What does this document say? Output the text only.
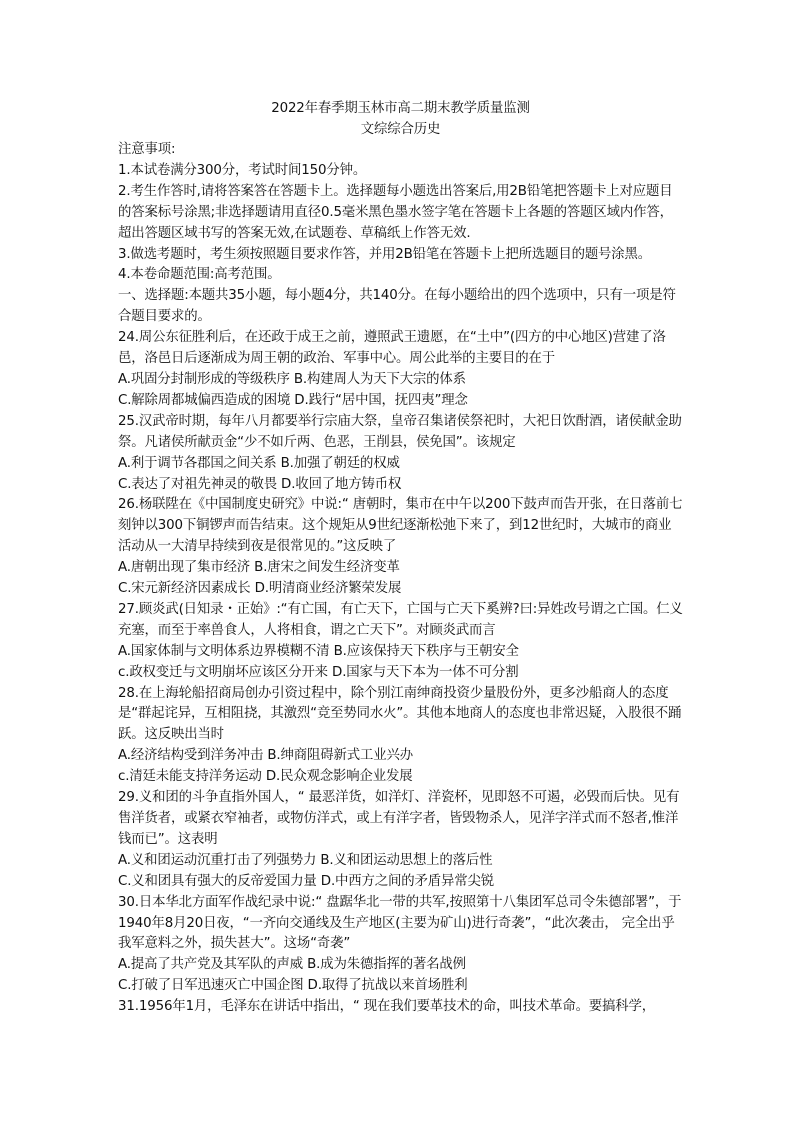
2022年春季期玉林市高二期末教学质量监测
文综综合历史

注意事项:

1.本试卷满分300分，考试时间150分钟。

2.考生作答时,请将答案答在答题卡上。选择题每小题选出答案后,用2B铅笔把答题卡上对应题目的答案标号涂黑;非选择题请用直径0.5毫米黑色墨水签字笔在答题卡上各题的答题区域内作答，超出答题区域书写的答案无效,在试题卷、草稿纸上作答无效.

3.做选考题时，考生须按照题目要求作答，并用2B铅笔在答题卡上把所选题目的题号涂黑。

4.本卷命题范围:高考范围。

一、选择题:本题共35小题，每小题4分，共140分。在每小题给出的四个选项中，只有一项是符合题目要求的。

24.周公东征胜利后，在还政于成王之前，遵照武王遗愿，在“土中”(四方的中心地区)营建了洛邑，洛邑日后逐渐成为周王朝的政治、军事中心。周公此举的主要目的在于

A.巩固分封制形成的等级秩序 B.构建周人为天下大宗的体系

C.解除周都城偏西造成的困境 D.践行“居中国，抚四夷”理念

25.汉武帝时期，每年八月都要举行宗庙大祭，皇帝召集诸侯祭祀时，大祀日饮酎酒，诸侯献金助祭。凡诸侯所献贡金“少不如斤两、色恶，王削县，侯免国”。该规定

A.利于调节各郡国之间关系 B.加强了朝廷的权威

C.表达了对祖先神灵的敬畏 D.收回了地方铸币权

26.杨联陞在《中国制度史研究》中说:“ 唐朝时，集市在中午以200下鼓声而告开张，在日落前七刻钟以300下铜锣声而告结束。这个规矩从9世纪逐渐松弛下来了，到12世纪时，大城市的商业活动从一大清早持续到夜是很常见的。”这反映了

A.唐朝出现了集市经济 B.唐宋之间发生经济变革

C.宋元新经济因素成长 D.明清商业经济繁荣发展

27.顾炎武(日知录・正始》:“有亡国，有亡天下，亡国与亡天下奚辨?曰:异姓改号谓之亡国。仁义充塞，而至于率兽食人，人将相食，谓之亡天下”。对顾炎武而言

A.国家体制与文明体系边界模糊不清 B.应该保持天下秩序与王朝安全

c.政权变迁与文明崩坏应该区分开来 D.国家与天下本为一体不可分割

28.在上海轮船招商局创办引资过程中，除个别江南绅商投资少量股份外，更多沙船商人的态度是“群起诧异，互相阻挠，其激烈“竞至势同水火”。其他本地商人的态度也非常迟疑，入股很不踊跃。这反映出当时

A.经济结构受到洋务冲击 B.绅商阻碍新式工业兴办

c.清廷未能支持洋务运动 D.民众观念影响企业发展

29.义和团的斗争直指外国人，“ 最恶洋货，如洋灯、洋瓷杯，见即怒不可遏，必毁而后快。见有售洋货者，或紧衣窄袖者，或物仿洋式，或上有洋字者，皆毁物杀人，见洋字洋式而不怒者,惟洋钱而已”。这表明

A.义和团运动沉重打击了列强势力 B.义和团运动思想上的落后性

C.义和团具有强大的反帝爱国力量 D.中西方之间的矛盾异常尖锐

30.日本华北方面军作战纪录中说:“ 盘踞华北一带的共军,按照第十八集团军总司令朱德部署”，于1940年8月20日夜，“一齐向交通线及生产地区(主要为矿山)进行奇袭”，“此次袭击， 完全出乎我军意料之外，损失甚大”。这场“奇袭”

A.提高了共产党及其军队的声威 B.成为朱德指挥的著名战例

C.打破了日军迅速灭亡中国企图 D.取得了抗战以来首场胜利

31.1956年1月，毛泽东在讲话中指出，“ 现在我们要革技术的命，叫技术革命。要搞科学，
